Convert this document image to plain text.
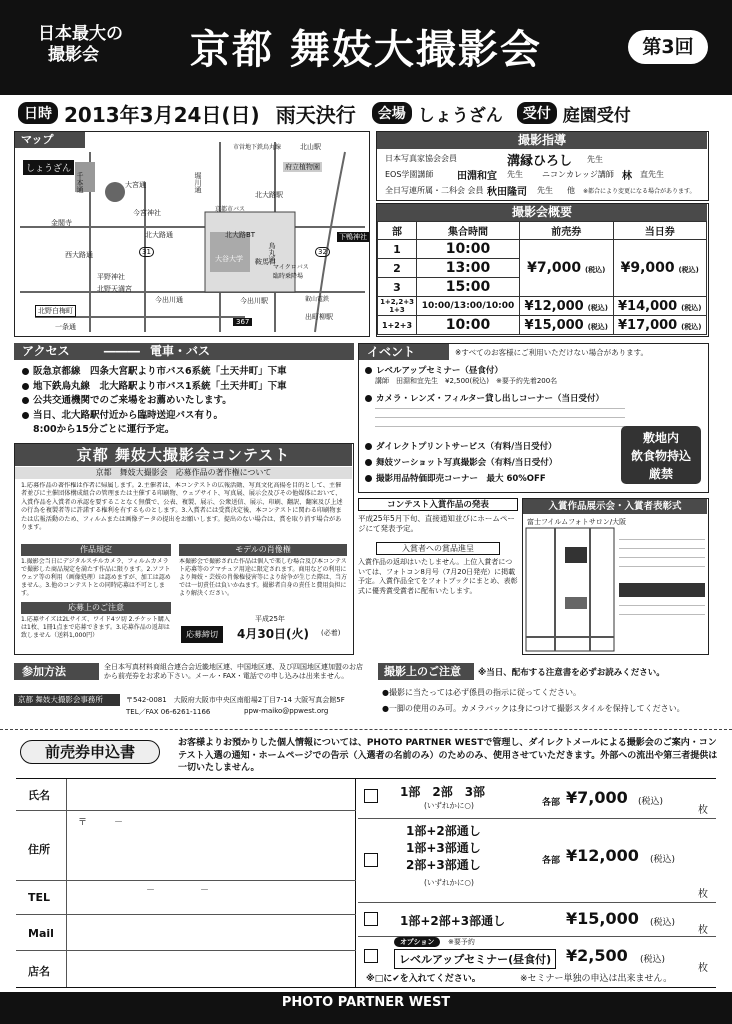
日本最大の
撮影会	京都 舞妓大撮影会	第3回
日時 2013年3月24日(日) 雨天決行	会場 しょうざん	受付 庭園受付
マップ
しょうざん
千本通	大宮通
今宮神社
堀川通
北大路通
金閣寺
西大路通
平野神社
北野天満宮
今出川通
北野白梅町
一条通
北大路駅
北大路BT
大谷大学 鞍馬口
烏丸通
今出川駅
府立植物園
北山駅
下鴨神社
出町柳駅
マイクロバス臨時乗降場
31	32
367
市営地下鉄烏丸線
京都市バス
叡山電鉄
撮影指導
日本写真家協会会員	溝縁ひろし 先生
EOS学園講師 田淵和宜 先生 ニコンカレッジ講師 林 直先生
全日写連所属・二科会 会員 秋田隆司 先生 他 ※都合により変更になる場合があります。
撮影会概要
部	集合時間	前売券	当日券
1	10:00	¥7,000 (税込)	¥9,000 (税込)
2	13:00		
3	15:00		
1+2,2+3
1+3	10:00/13:00/10:00	¥12,000 (税込)	¥14,000 (税込)
1+2+3	10:00	¥15,000 (税込)	¥17,000 (税込)
アクセス	――― 電車・バス
阪急京都線　四条大宮駅より市バス6系統「土天井町」下車
地下鉄烏丸線　北大路駅より市バス1系統「土天井町」下車
公共交通機関でのご来場をお薦めいたします。
当日、北大路駅付近から臨時送迎バス有り。
8:00から15分ごとに運行予定。
京都 舞妓大撮影会コンテスト
京都　舞妓大撮影会　応募作品の著作権について
1.応募作品の著作権は作者に帰属します。2.主催者は、本コンテストの広報活動、写真文化高揚を目的として、主催者並びに主催団体構成組合の管理または主催する印刷物、ウェブサイト、写真展、展示会及びその他媒体において、入賞作品を入賞者の承認を要することなく無償で、公表、複製、展示、公衆送信、展示、印刷、翻訳、翻案及び上述の行為を複製者等に許諾する権利を有するものとします。3.入賞者には受賞決定後、本コンテストに関わる印刷物または広報活動のため、フィルムまたは画像データの提出をお願いします。提出のない場合は、賞を取り消す場合があります。
作品規定
1.撮影会当日にデジタルスチルカメラ、フィルムカメラで撮影した商品規定を満たす作品に限ります。2.ソフトウェア等の利用（画像処理）は認めますが、加工は認めません。3.他のコンテストとの同時応募は不可とします。
応募上のご注意
1.応募サイズは2Lサイズ、ワイド4ツ切 2.チケット購入は1枚、1冊1点まで応募できます。3.応募作品の返却は致しません（送料1,000円）
モデルの肖像権
本撮影会で撮影された作品は個人で楽しむ場合及び本コンテスト応募等のアマチュア用途に限定されます。商用などの利用により舞妓・芸妓の肖像権侵害等により紛争が生じた際は、当方では一切責任は負いかねます。撮影者自身の責任と費用負担により解決ください。
応募締切
平成25年
4月30日(火) (必着)
イベント	※すべてのお客様にご利用いただけない場合があります。
レベルアップセミナー（昼食付）
講師　田淵和宜先生　¥2,500(税込)　※要予約先着200名
カメラ・レンズ・フィルター貸し出しコーナー（当日受付）
ダイレクトプリントサービス（有料/当日受付）
舞妓ツーショット写真撮影会（有料/当日受付）
撮影用品特価即売コーナー　最大 60%OFF
敷地内
飲食物持込
厳禁
コンテスト入賞作品の発表
平成25年5月下旬、直接通知並びにホームページにて発表予定。
入賞者への賞品進呈
入賞作品の返却はいたしません。上位入賞者については、フォトコン8月号（7月20日発売）に掲載予定。入賞作品全てをフォトブックにまとめ、表彰式に優秀賞受賞者に配布いたします。
入賞作品展示会・入賞者表彰式
富士フイルムフォトサロン/大阪
参加方法	全日本写真材料商組合連合会近畿地区連、中国地区連、及び四国地区連加盟のお店から前売券をお求め下さい。メール・FAX・電話での申し込みは出来ません。
京都 舞妓大撮影会事務所	〒542-0081　大阪府大阪市中央区南船場2丁目7-14 大阪写真会館5F
TEL／FAX 06-6261-1166	ppw-maiko@ppwest.org
撮影上のご注意	※当日、配布する注意書を必ずお読みください。
●撮影に当たっては必ず係員の指示に従ってください。
●一脚の使用のみ可。カメラバックは身につけて撮影スタイルを保持してください。
前売券申込書	お客様よりお預かりした個人情報については、PHOTO PARTNER WESTで管理し、ダイレクトメールによる撮影会のご案内・コンテスト入選の通知・ホームページでの告示（入選者の名前のみ）のためのみ、使用させていただきます。外部への流出や第三者提供は一切いたしません。
氏名
住所
〒　　　－
TEL	－　　　　　－
Mail
店名
1部　2部　3部
(いずれかに○)	各部 ¥7,000 (税込)
枚
1部+2部通し
1部+3部通し
2部+3部通し
(いずれかに○)
各部 ¥12,000 (税込)
枚
1部+2部+3部通し	¥15,000 (税込)
枚
オプション	※要予約
レベルアップセミナー(昼食付) ¥2,500 (税込)
枚
※□に✔を入れてください。	※セミナー単独の申込は出来ません。
PHOTO PARTNER WEST
